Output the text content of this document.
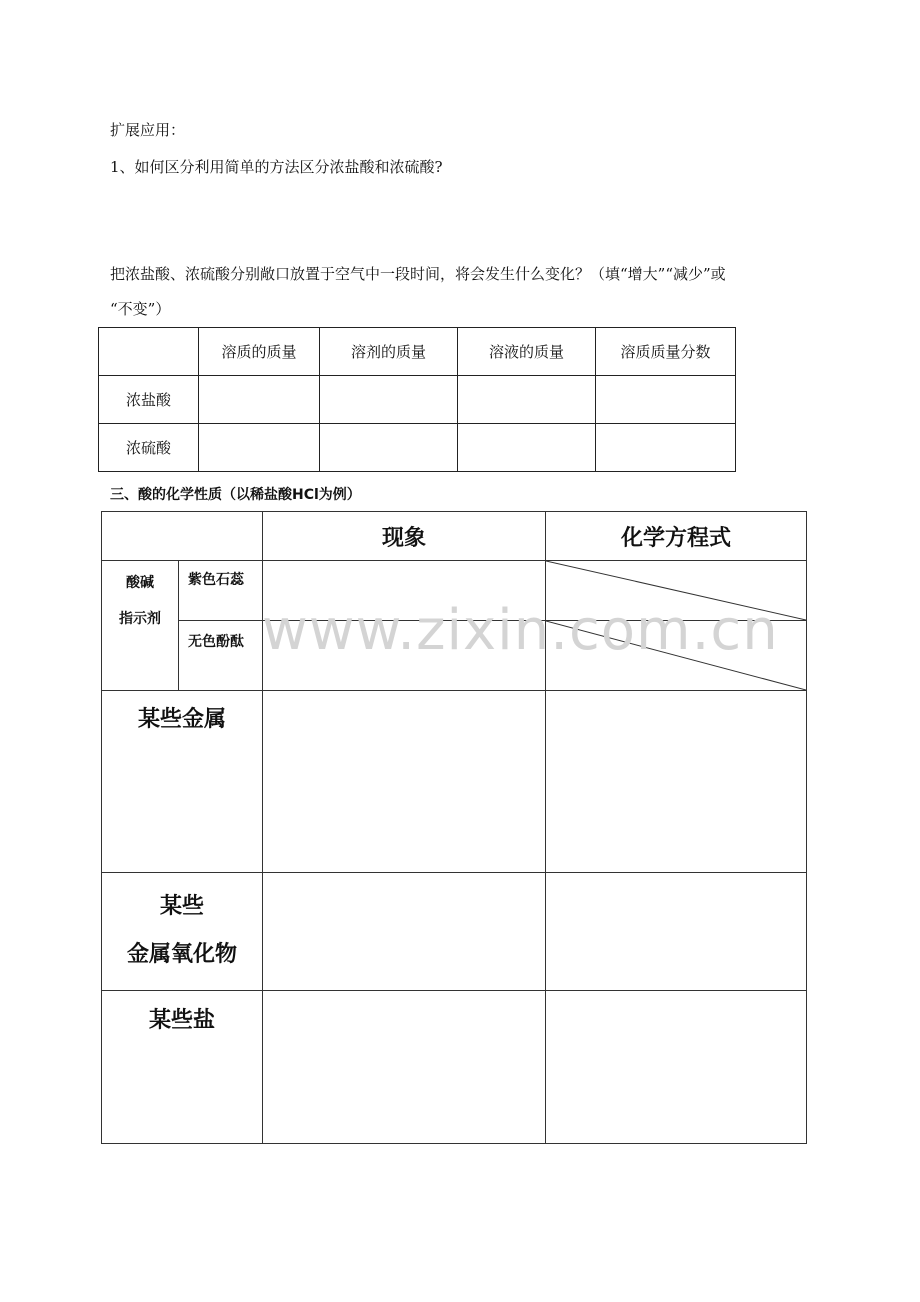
扩展应用：
1、如何区分利用简单的方法区分浓盐酸和浓硫酸?
把浓盐酸、浓硫酸分别敞口放置于空气中一段时间，将会发生什么变化？（填“增大”“减少”或
“不变”）
	溶质的质量	溶剂的质量	溶液的质量	溶质质量分数
浓盐酸				
浓硫酸				
三、酸的化学性质（以稀盐酸HCl为例）
		现象	化学方程式

酸碱
指示剂	紫色石蕊		

	无色酚酞		

某些金属			

某些
金属氧化物			

某些盐			
www.zixin.com.cn
